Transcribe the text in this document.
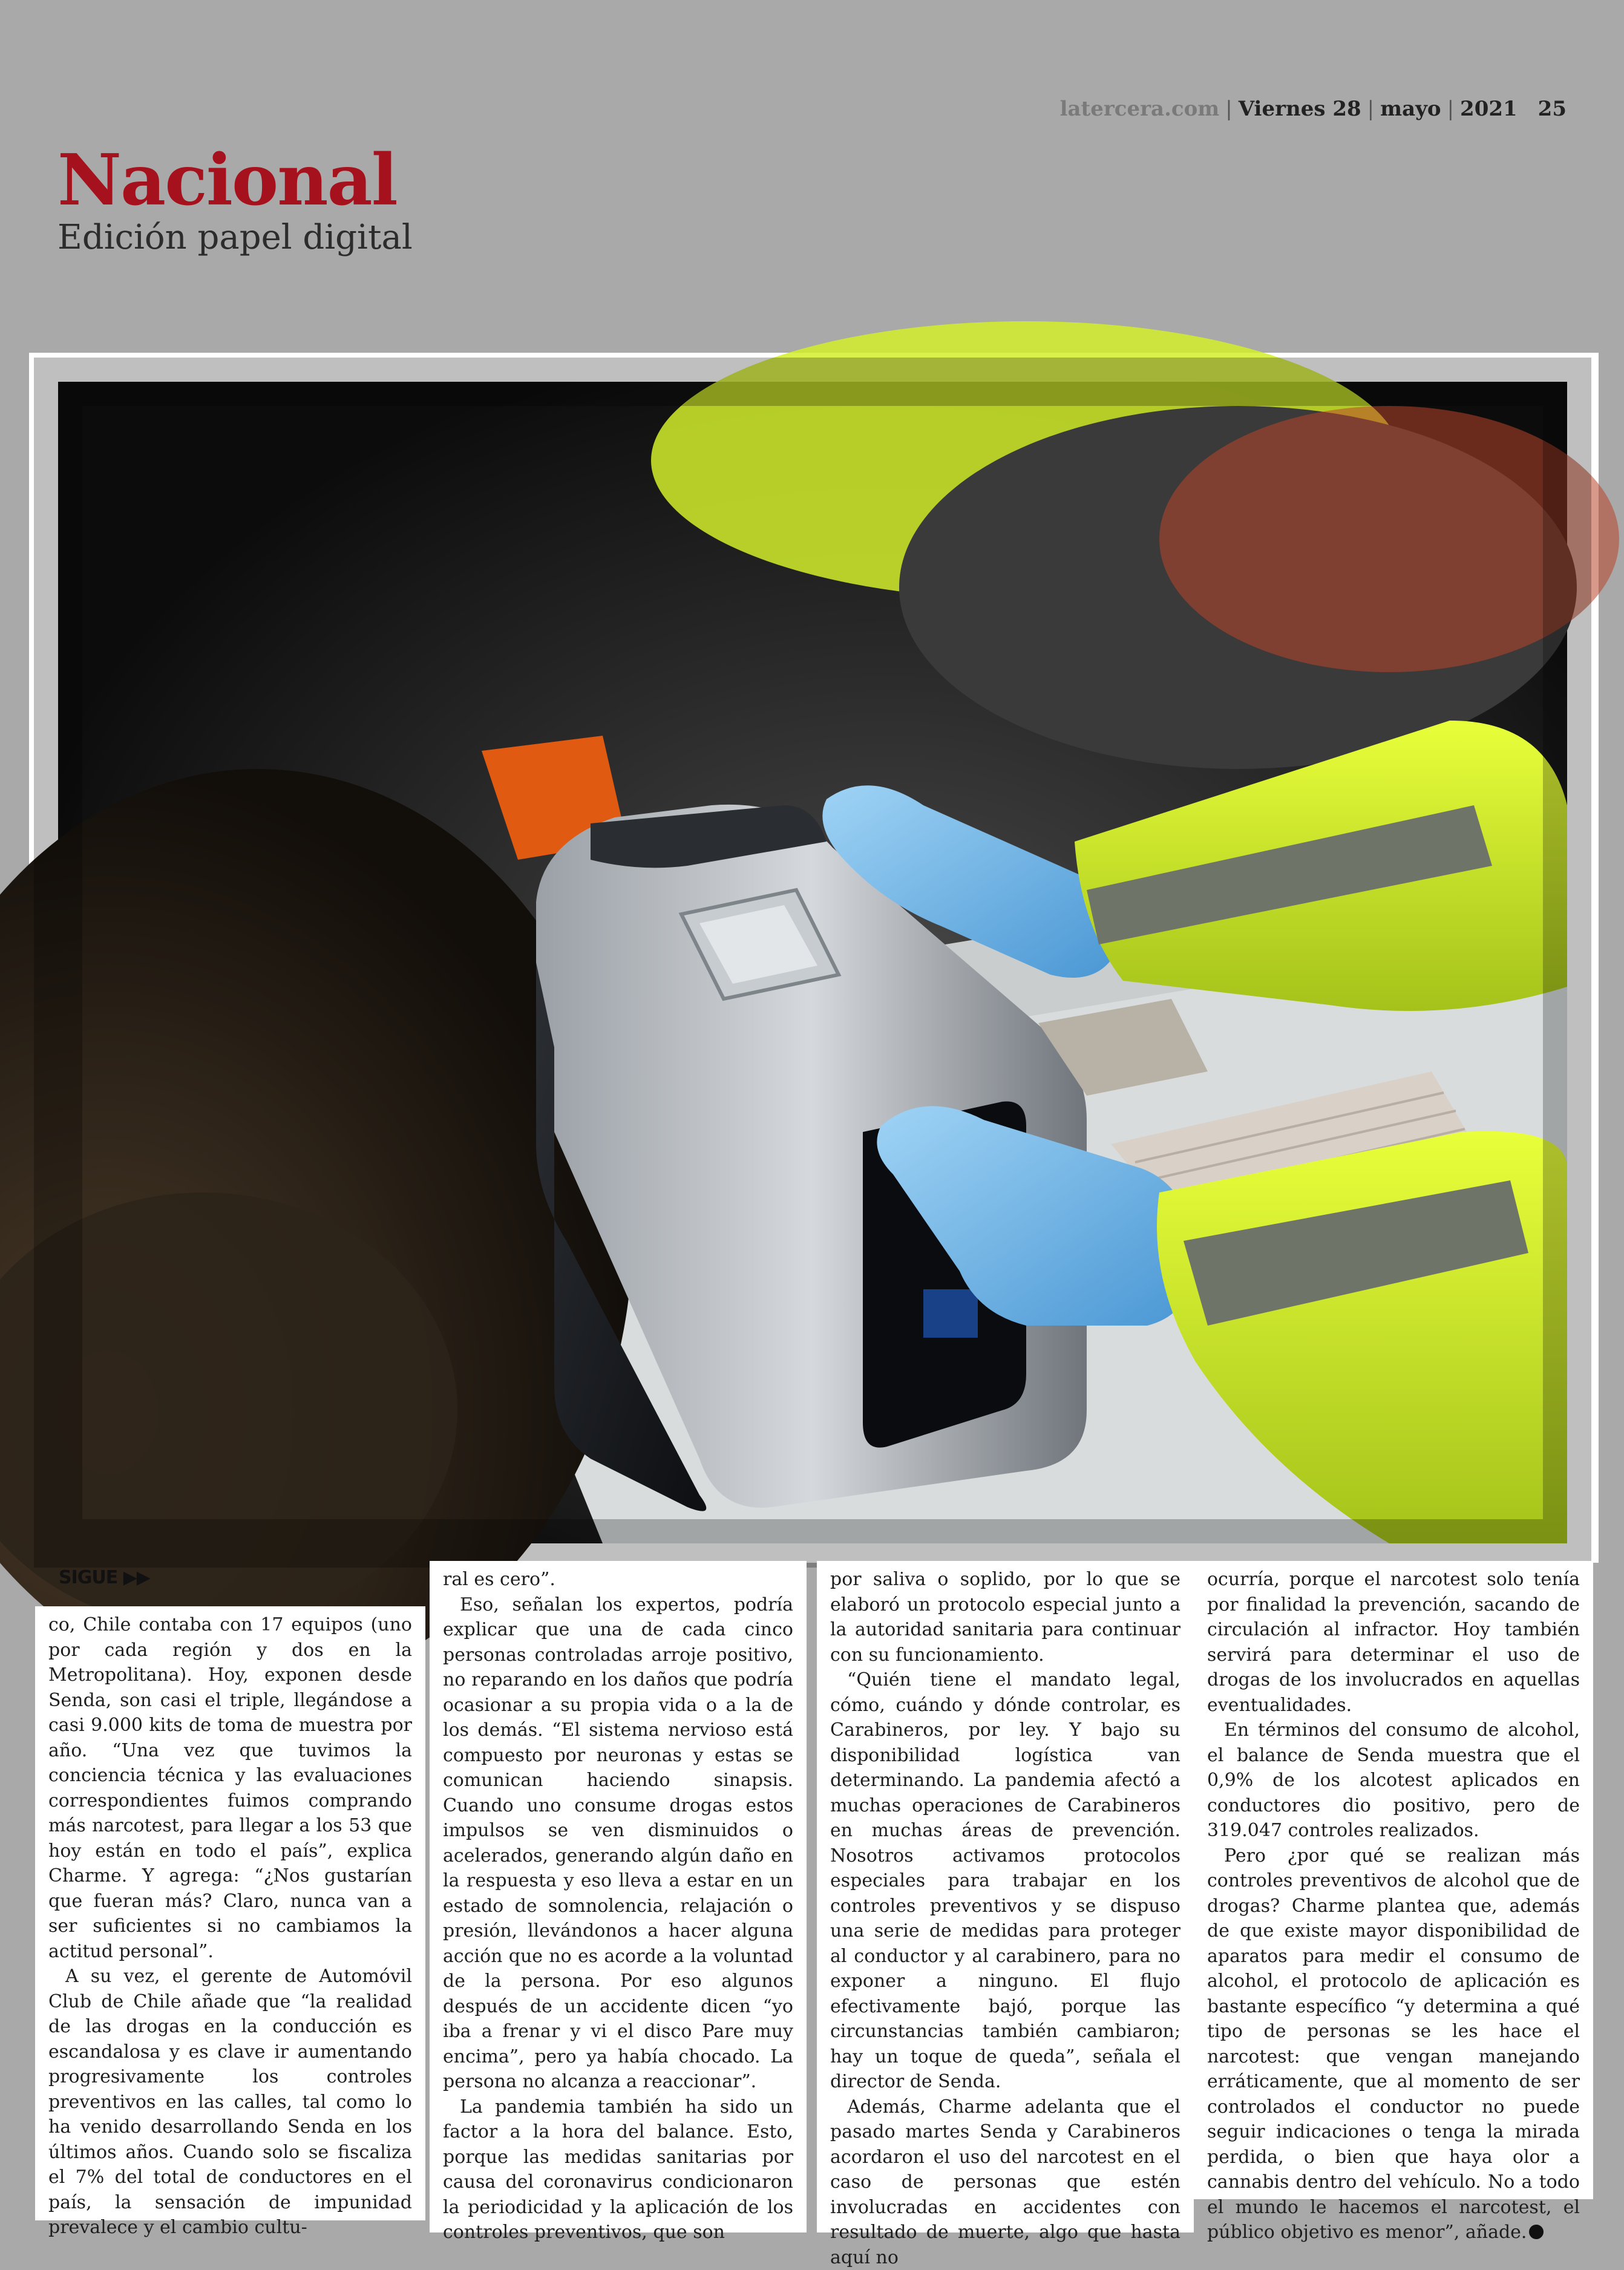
latercera.com | Viernes 28 | mayo | 2021 25
Nacional
Edición papel digital
SIGUE ▶▶

co, Chile contaba con 17 equipos (uno por cada región y dos en la Metropolitana). Hoy, exponen desde Senda, son casi el triple, llegándose a casi 9.000 kits de toma de muestra por año. “Una vez que tuvimos la conciencia técnica y las evaluaciones correspondientes fuimos comprando más narcotest, para llegar a los 53 que hoy están en todo el país”, explica Charme. Y agrega: “¿Nos gustarían que fueran más? Claro, nunca van a ser suficientes si no cambiamos la actitud personal”.

A su vez, el gerente de Automóvil Club de Chile añade que “la realidad de las drogas en la conducción es escandalosa y es clave ir aumentando progresivamente los controles preventivos en las calles, tal como lo ha venido desarrollando Senda en los últimos años. Cuando solo se fiscaliza el 7% del total de conductores en el país, la sensación de impunidad prevalece y el cambio cultu-

ral es cero”.

Eso, señalan los expertos, podría explicar que una de cada cinco personas controladas arroje positivo, no reparando en los daños que podría ocasionar a su propia vida o a la de los demás. “El sistema nervioso está compuesto por neuronas y estas se comunican haciendo sinapsis. Cuando uno consume drogas estos impulsos se ven disminuidos o acelerados, generando algún daño en la respuesta y eso lleva a estar en un estado de somnolencia, relajación o presión, llevándonos a hacer alguna acción que no es acorde a la voluntad de la persona. Por eso algunos después de un accidente dicen “yo iba a frenar y vi el disco Pare muy encima”, pero ya había chocado. La persona no alcanza a reaccionar”.

La pandemia también ha sido un factor a la hora del balance. Esto, porque las medidas sanitarias por causa del coronavirus condicionaron la periodicidad y la aplicación de los controles preventivos, que son

por saliva o soplido, por lo que se elaboró un protocolo especial junto a la autoridad sanitaria para continuar con su funcionamiento.

“Quién tiene el mandato legal, cómo, cuándo y dónde controlar, es Carabineros, por ley. Y bajo su disponibilidad logística van determinando. La pandemia afectó a muchas operaciones de Carabineros en muchas áreas de prevención. Nosotros activamos protocolos especiales para trabajar en los controles preventivos y se dispuso una serie de medidas para proteger al conductor y al carabinero, para no exponer a ninguno. El flujo efectivamente bajó, porque las circunstancias también cambiaron; hay un toque de queda”, señala el director de Senda.

Además, Charme adelanta que el pasado martes Senda y Carabineros acordaron el uso del narcotest en el caso de personas que estén involucradas en accidentes con resultado de muerte, algo que hasta aquí no

ocurría, porque el narcotest solo tenía por finalidad la prevención, sacando de circulación al infractor. Hoy también servirá para determinar el uso de drogas de los involucrados en aquellas eventualidades.

En términos del consumo de alcohol, el balance de Senda muestra que el 0,9% de los alcotest aplicados en conductores dio positivo, pero de 319.047 controles realizados.

Pero ¿por qué se realizan más controles preventivos de alcohol que de drogas? Charme plantea que, además de que existe mayor disponibilidad de aparatos para medir el consumo de alcohol, el protocolo de aplicación es bastante específico “y determina a qué tipo de personas se les hace el narcotest: que vengan manejando erráticamente, que al momento de ser controlados el conductor no puede seguir indicaciones o tenga la mirada perdida, o bien que haya olor a cannabis dentro del vehículo. No a todo el mundo le hacemos el narcotest, el público objetivo es menor”, añade.
